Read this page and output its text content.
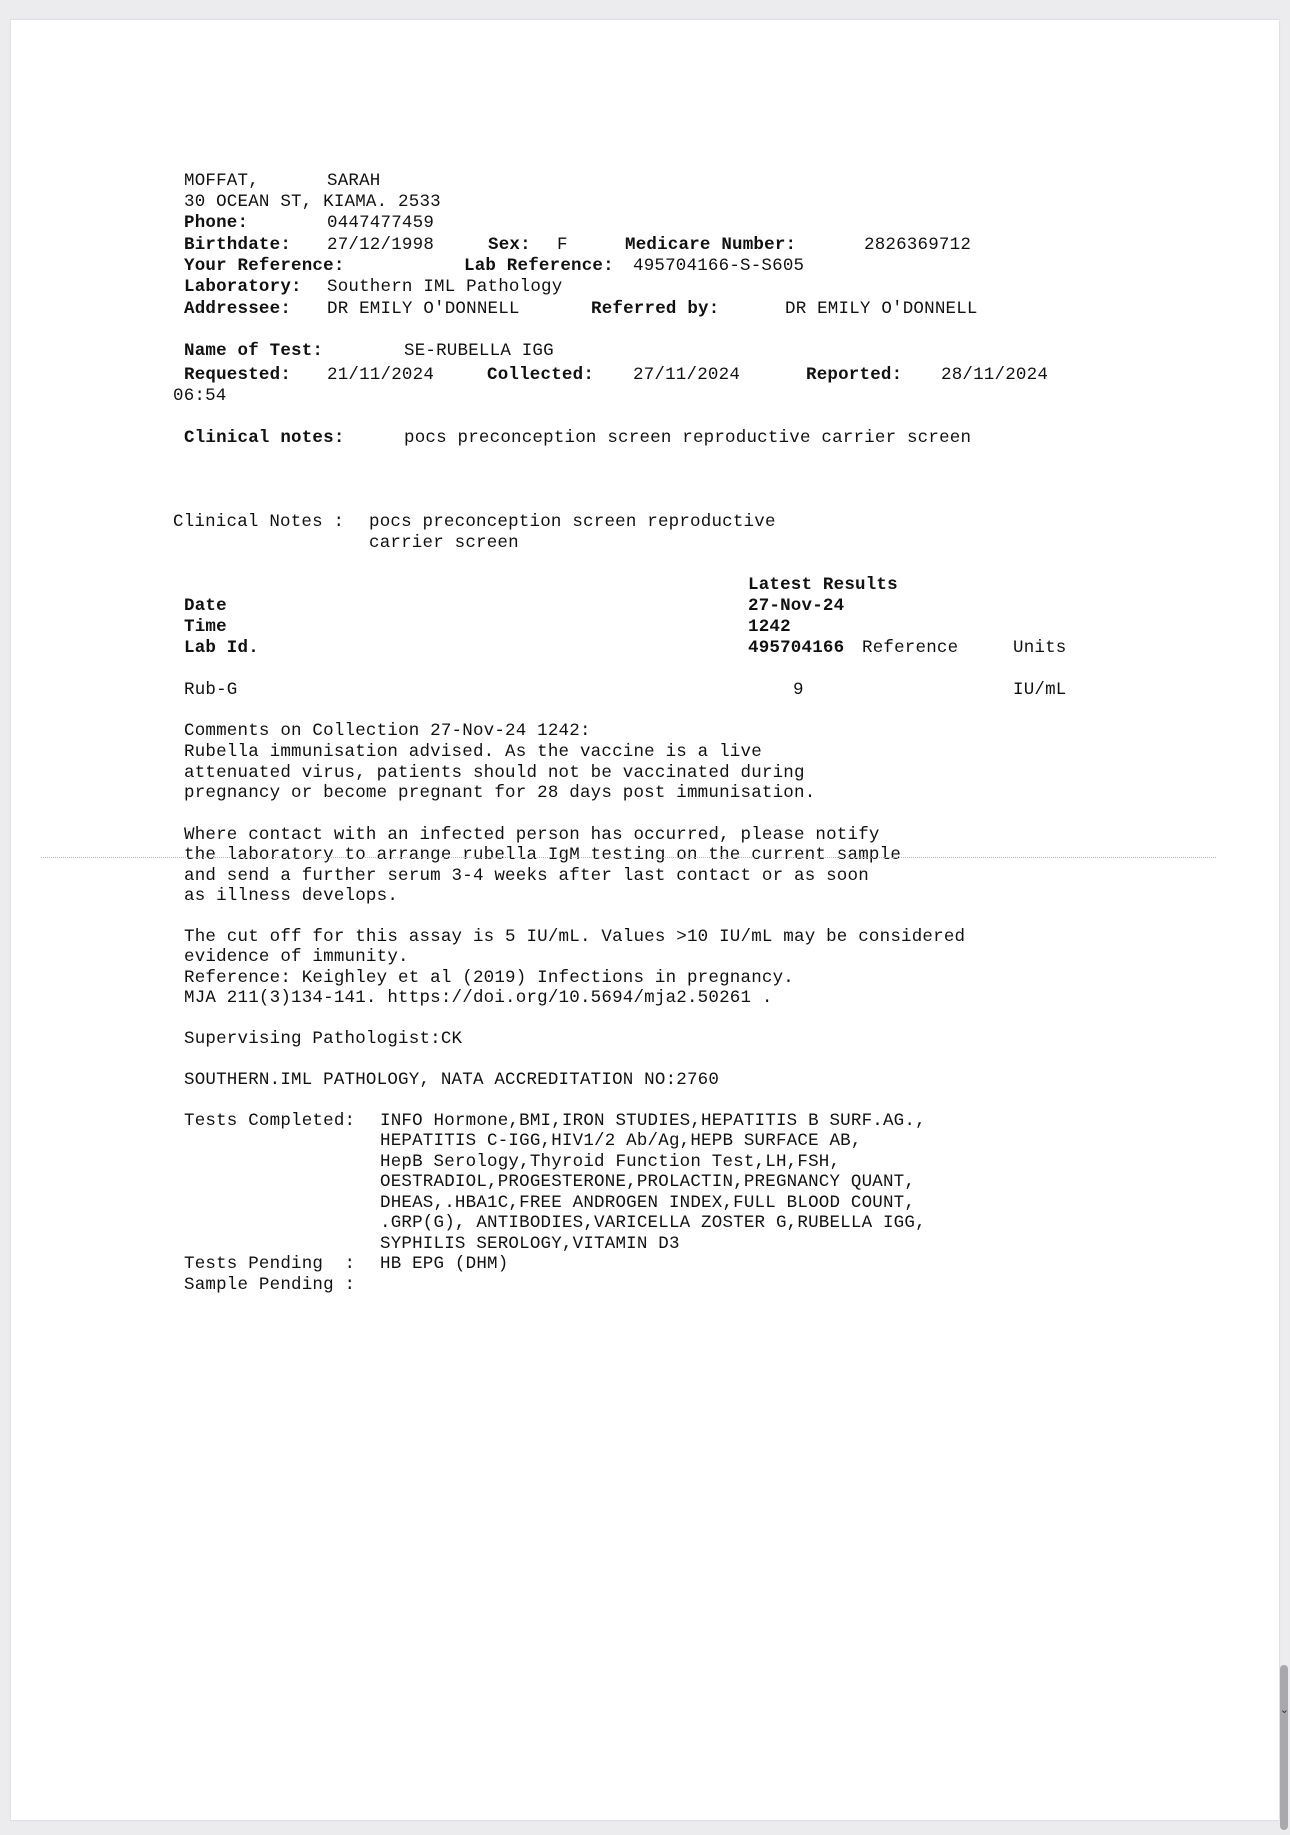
MOFFAT,	SARAH
30 OCEAN ST, KIAMA. 2533
Phone:	0447477459
Birthdate: 27/12/1998	Sex: F	Medicare Number:	2826369712
Your Reference:	Lab Reference: 495704166-S-S605
Laboratory: Southern IML Pathology
Addressee: DR EMILY O'DONNELL	Referred by:	DR EMILY O'DONNELL
Name of Test:	SE-RUBELLA IGG
Requested: 21/11/2024	Collected: 27/11/2024	Reported: 28/11/2024
06:54
Clinical notes:	pocs preconception screen reproductive carrier screen
Clinical Notes : pocs preconception screen reproductive
carrier screen
Latest Results
Date	27-Nov-24
Time	1242
Lab Id.	495704166 Reference	Units
Rub-G	9	IU/mL
Comments on Collection 27-Nov-24 1242:
Rubella immunisation advised. As the vaccine is a live
attenuated virus, patients should not be vaccinated during
pregnancy or become pregnant for 28 days post immunisation.
Where contact with an infected person has occurred, please notify
the laboratory to arrange rubella IgM testing on the current sample
and send a further serum 3-4 weeks after last contact or as soon
as illness develops.
The cut off for this assay is 5 IU/mL. Values >10 IU/mL may be considered
evidence of immunity.
Reference: Keighley et al (2019) Infections in pregnancy.
MJA 211(3)134-141. https://doi.org/10.5694/mja2.50261 .
Supervising Pathologist:CK
SOUTHERN.IML PATHOLOGY, NATA ACCREDITATION NO:2760
Tests Completed: INFO Hormone,BMI,IRON STUDIES,HEPATITIS B SURF.AG.,
HEPATITIS C-IGG,HIV1/2 Ab/Ag,HEPB SURFACE AB,
HepB Serology,Thyroid Function Test,LH,FSH,
OESTRADIOL,PROGESTERONE,PROLACTIN,PREGNANCY QUANT,
DHEAS,.HBA1C,FREE ANDROGEN INDEX,FULL BLOOD COUNT,
.GRP(G), ANTIBODIES,VARICELLA ZOSTER G,RUBELLA IGG,
SYPHILIS SEROLOGY,VITAMIN D3
Tests Pending  : HB EPG (DHM)
Sample Pending :
⌄
